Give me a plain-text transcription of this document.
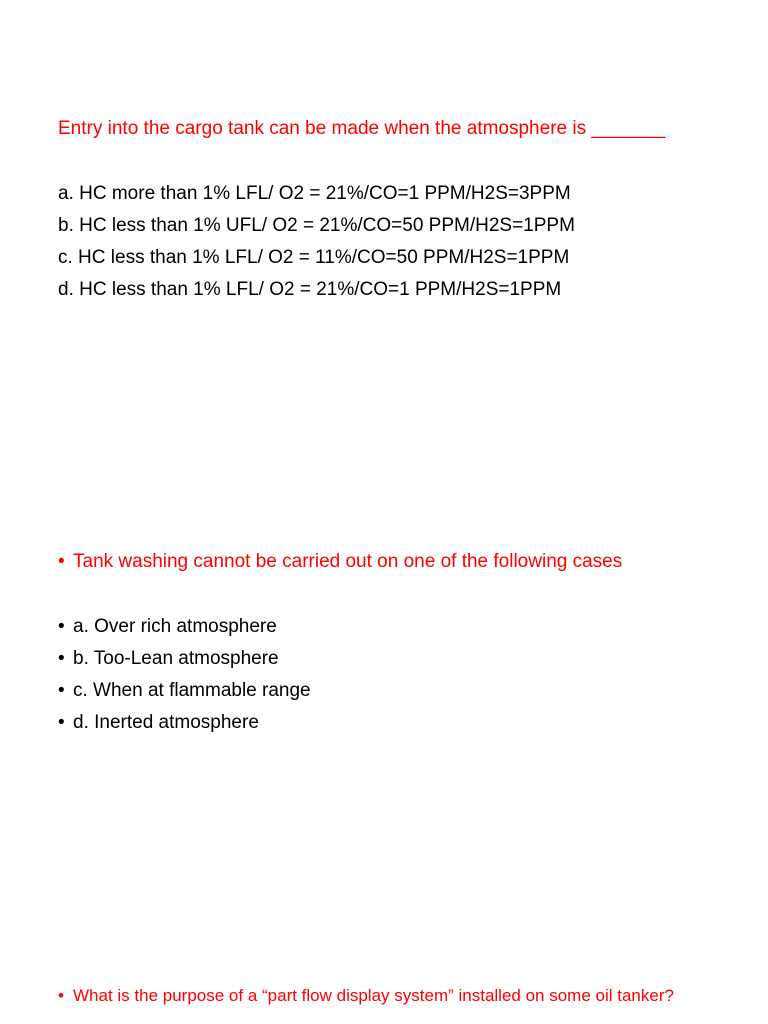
Entry into the cargo tank can be made when the atmosphere is _______

a. HC more than 1% LFL/ O2 = 21%/CO=1 PPM/H2S=3PPM

b. HC less than 1% UFL/ O2 = 21%/CO=50 PPM/H2S=1PPM

c. HC less than 1% LFL/ O2 = 11%/CO=50 PPM/H2S=1PPM

d. HC less than 1% LFL/ O2 = 21%/CO=1 PPM/H2S=1PPM

• Tank washing cannot be carried out on one of the following cases
• a. Over rich atmosphere
• b. Too-Lean atmosphere
• c. When at flammable range
• d. Inerted atmosphere
• What is the purpose of a “part flow display system” installed on some oil tanker?
